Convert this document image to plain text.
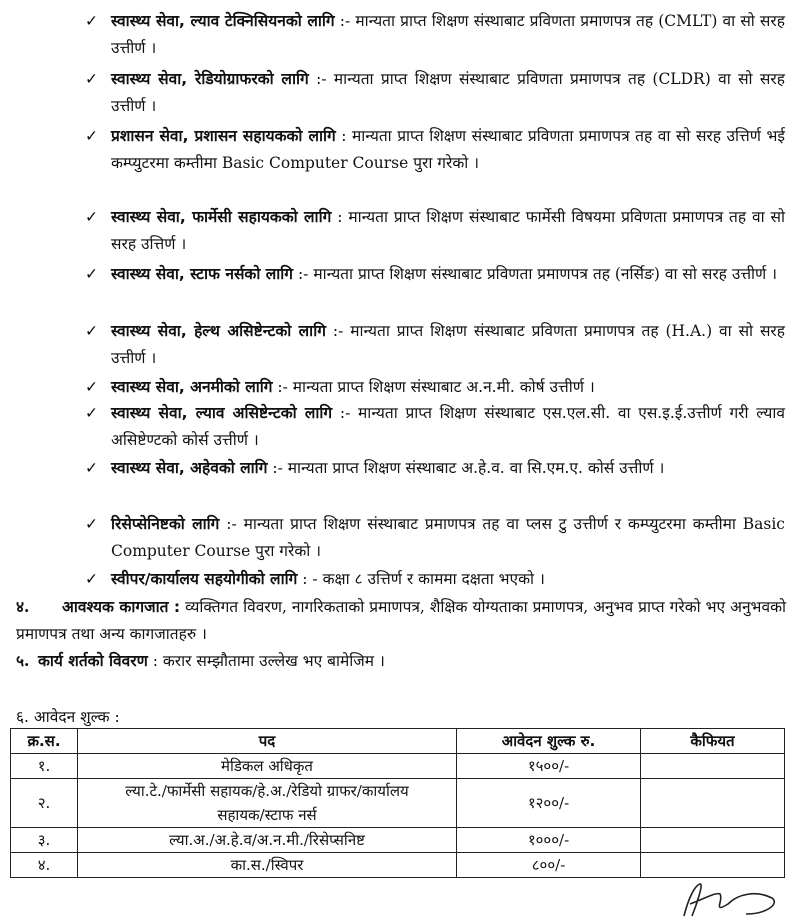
✓ स्वास्थ्य सेवा, ल्याव टेक्निसियनको लागि :- मान्यता प्राप्त शिक्षण संस्थाबाट प्रविणता प्रमाणपत्र तह (CMLT) वा सो सरह उत्तीर्ण ।
✓ स्वास्थ्य सेवा, रेडियोग्राफरको लागि :- मान्यता प्राप्त शिक्षण संस्थाबाट प्रविणता प्रमाणपत्र तह (CLDR) वा सो सरह उत्तीर्ण ।
✓ प्रशासन सेवा, प्रशासन सहायकको लागि : मान्यता प्राप्त शिक्षण संस्थाबाट प्रविणता प्रमाणपत्र तह वा सो सरह उत्तिर्ण भई कम्प्युटरमा कम्तीमा Basic Computer Course पुरा गरेको ।
✓ स्वास्थ्य सेवा, फार्मेसी सहायकको लागि : मान्यता प्राप्त शिक्षण संस्थाबाट फार्मेसी विषयमा प्रविणता प्रमाणपत्र तह वा सो सरह उत्तिर्ण ।
✓ स्वास्थ्य सेवा, स्टाफ नर्सको लागि :- मान्यता प्राप्त शिक्षण संस्थाबाट प्रविणता प्रमाणपत्र तह (नर्सिङ) वा सो सरह उत्तीर्ण ।
✓ स्वास्थ्य सेवा, हेल्थ असिष्टेन्टको लागि :- मान्यता प्राप्त शिक्षण संस्थाबाट प्रविणता प्रमाणपत्र तह (H.A.) वा सो सरह उत्तीर्ण ।
✓ स्वास्थ्य सेवा, अनमीको लागि :- मान्यता प्राप्त शिक्षण संस्थाबाट अ.न.मी. कोर्ष उत्तीर्ण ।
✓ स्वास्थ्य सेवा, ल्याव असिष्टेन्टको लागि :- मान्यता प्राप्त शिक्षण संस्थाबाट एस.एल.सी. वा एस.इ.ई.उत्तीर्ण गरी ल्याव असिष्टेण्टको कोर्स उत्तीर्ण ।
✓ स्वास्थ्य सेवा, अहेवको लागि :- मान्यता प्राप्त शिक्षण संस्थाबाट अ.हे.व. वा सि.एम.ए. कोर्स उत्तीर्ण ।
✓ रिसेप्सेनिष्टको लागि :- मान्यता प्राप्त शिक्षण संस्थाबाट प्रमाणपत्र तह वा प्लस टु उत्तीर्ण र कम्प्युटरमा कम्तीमा Basic Computer Course पुरा गरेको ।
✓ स्वीपर/कार्यालय सहयोगीको लागि : - कक्षा ८ उत्तिर्ण र काममा दक्षता भएको ।
४. आवश्यक कागजात : व्यक्तिगत विवरण, नागरिकताको प्रमाणपत्र, शैक्षिक योग्यताका प्रमाणपत्र, अनुभव प्राप्त गरेको भए अनुभवको प्रमाणपत्र तथा अन्य कागजातहरु ।
५. कार्य शर्तको विवरण : करार सम्झौतामा उल्लेख भए बामेजिम ।
६. आवेदन शुल्क :
क्र.स.	पद	आवेदन शुल्क रु.	कैफियत
१.	मेडिकल अधिकृत	१५००/-	
२.	ल्या.टे./फार्मेसी सहायक/हे.अ./रेडियो ग्राफर/कार्यालय सहायक/स्टाफ नर्स	१२००/-	
३.	ल्या.अ./अ.हे.व/अ.न.मी./रिसेप्सनिष्ट	१०००/-	
४.	का.स./स्विपर	८००/-	
